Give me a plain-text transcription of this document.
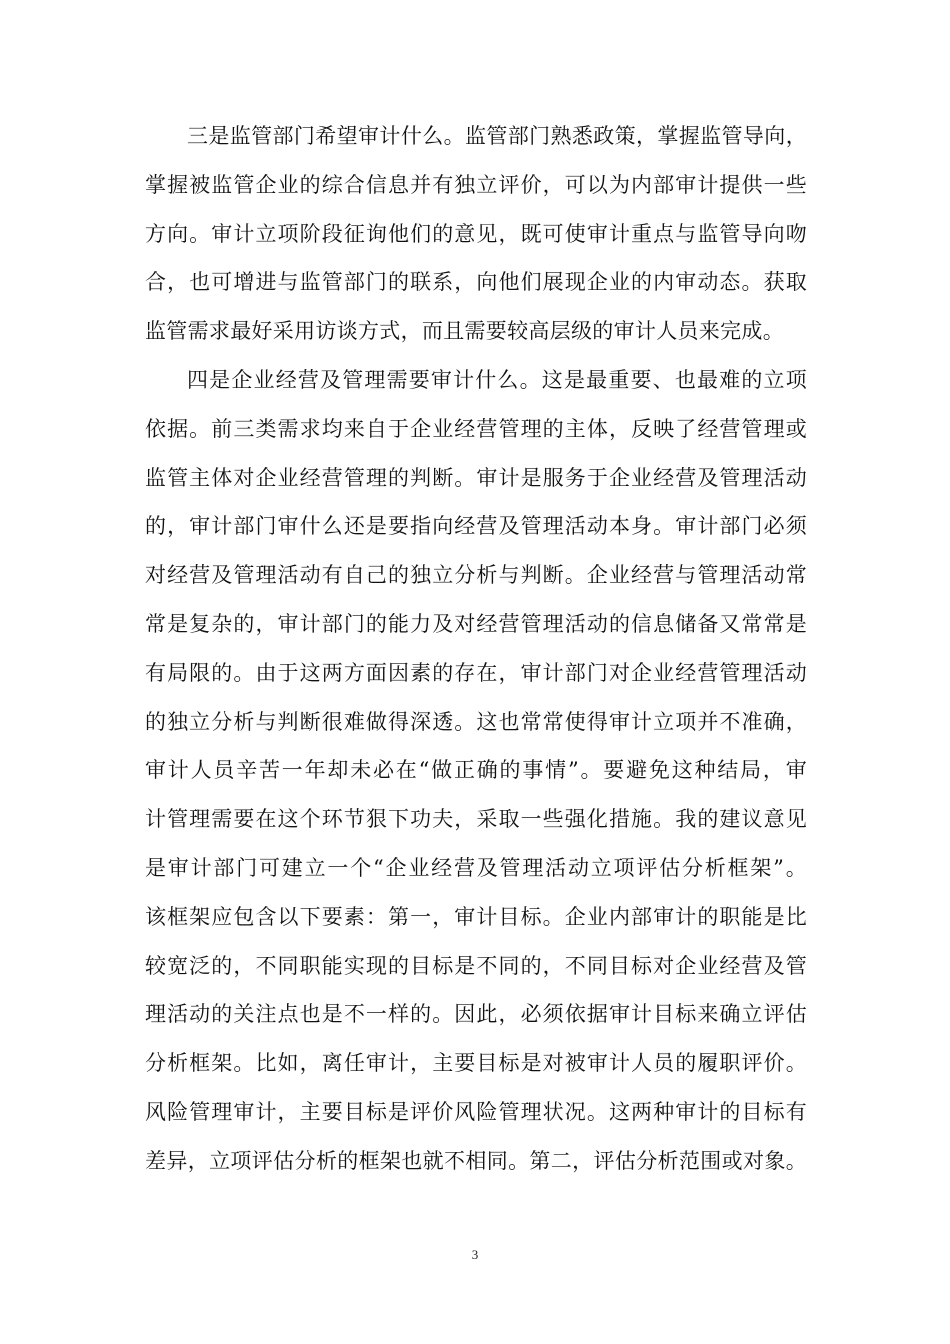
三是监管部门希望审计什么。监管部门熟悉政策，掌握监管导向，
掌握被监管企业的综合信息并有独立评价，可以为内部审计提供一些
方向。审计立项阶段征询他们的意见，既可使审计重点与监管导向吻
合，也可增进与监管部门的联系，向他们展现企业的内审动态。获取
监管需求最好采用访谈方式，而且需要较高层级的审计人员来完成。
四是企业经营及管理需要审计什么。这是最重要、也最难的立项
依据。前三类需求均来自于企业经营管理的主体，反映了经营管理或
监管主体对企业经营管理的判断。审计是服务于企业经营及管理活动
的，审计部门审什么还是要指向经营及管理活动本身。审计部门必须
对经营及管理活动有自己的独立分析与判断。企业经营与管理活动常
常是复杂的，审计部门的能力及对经营管理活动的信息储备又常常是
有局限的。由于这两方面因素的存在，审计部门对企业经营管理活动
的独立分析与判断很难做得深透。这也常常使得审计立项并不准确，
审计人员辛苦一年却未必在“做正确的事情”。要避免这种结局，审
计管理需要在这个环节狠下功夫，采取一些强化措施。我的建议意见
是审计部门可建立一个“企业经营及管理活动立项评估分析框架”。
该框架应包含以下要素：第一，审计目标。企业内部审计的职能是比
较宽泛的，不同职能实现的目标是不同的，不同目标对企业经营及管
理活动的关注点也是不一样的。因此，必须依据审计目标来确立评估
分析框架。比如，离任审计，主要目标是对被审计人员的履职评价。
风险管理审计，主要目标是评价风险管理状况。这两种审计的目标有
差异，立项评估分析的框架也就不相同。第二，评估分析范围或对象。
3
